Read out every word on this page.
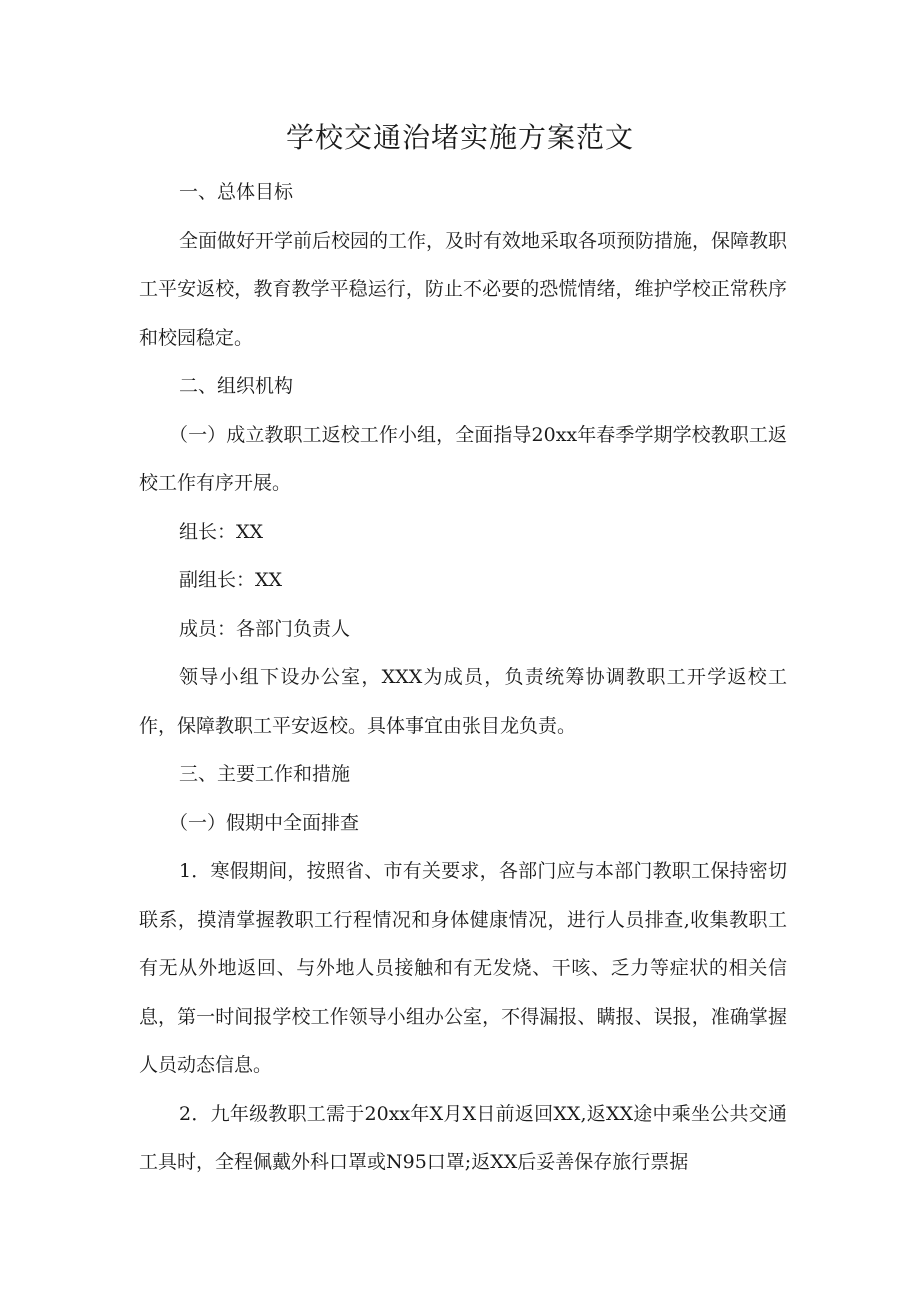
学校交通治堵实施方案范文

一、总体目标

全面做好开学前后校园的工作，及时有效地采取各项预防措施，保障教职工平安返校，教育教学平稳运行，防止不必要的恐慌情绪，维护学校正常秩序和校园稳定。

二、组织机构

（一）成立教职工返校工作小组，全面指导20xx年春季学期学校教职工返校工作有序开展。

组长：XX

副组长：XX

成员：各部门负责人

领导小组下设办公室，XXX为成员，负责统筹协调教职工开学返校工作，保障教职工平安返校。具体事宜由张目龙负责。

三、主要工作和措施

（一）假期中全面排查

1．寒假期间，按照省、市有关要求，各部门应与本部门教职工保持密切联系，摸清掌握教职工行程情况和身体健康情况，进行人员排查,收集教职工有无从外地返回、与外地人员接触和有无发烧、干咳、乏力等症状的相关信息，第一时间报学校工作领导小组办公室，不得漏报、瞒报、误报，准确掌握人员动态信息。

2．九年级教职工需于20xx年X月X日前返回XX,返XX途中乘坐公共交通工具时，全程佩戴外科口罩或N95口罩;返XX后妥善保存旅行票据
